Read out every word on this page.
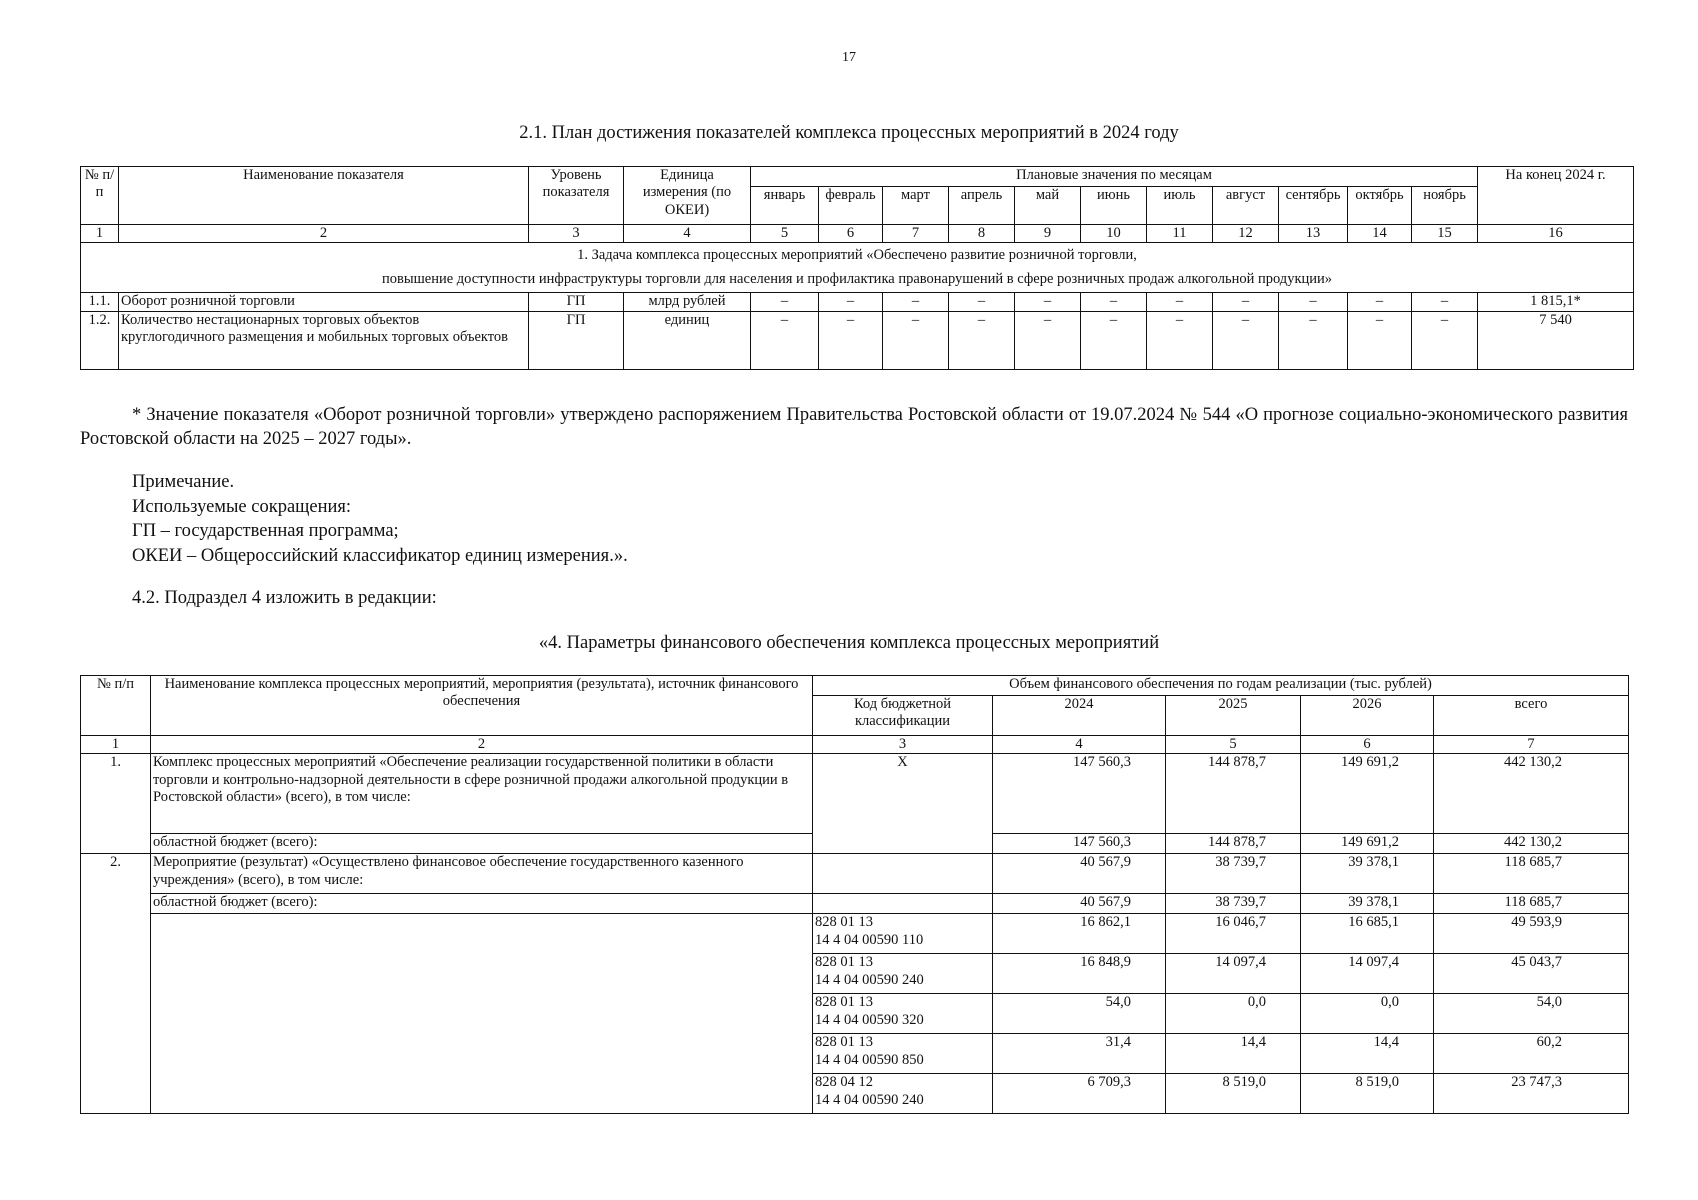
17
2.1. План достижения показателей комплекса процессных мероприятий в 2024 году
№ п/п	Наименование показателя	Уровень показателя	Единица измерения (по ОКЕИ)	Плановые значения по месяцам											На конец 2024 г.
				январь	февраль	март	апрель	май	июнь	июль	август	сентябрь	октябрь	ноябрь	
1	2	3	4	5	6	7	8	9	10	11	12	13	14	15	16

1. Задача комплекса процессных мероприятий «Обеспечено развитие розничной торговли,
повышение доступности инфраструктуры торговли для населения и профилактика правонарушений в сфере розничных продаж алкогольной продукции»															

1.1.	Оборот розничной торговли	ГП	млрд рублей	–	–	–	–	–	–	–	–	–	–	–	1 815,1*
1.2.	Количество нестационарных торговых объектов круглогодичного размещения и мобильных торговых объектов	ГП	единиц	–	–	–	–	–	–	–	–	–	–	–	7 540
* Значение показателя «Оборот розничной торговли» утверждено распоряжением Правительства Ростовской области от 19.07.2024 № 544 «О прогнозе социально-экономического развития Ростовской области на 2025 – 2027 годы».
Примечание.
Используемые сокращения:
ГП – государственная программа;
ОКЕИ – Общероссийский классификатор единиц измерения.».
4.2. Подраздел 4 изложить в редакции:
«4. Параметры финансового обеспечения комплекса процессных мероприятий
№ п/п	Наименование комплекса процессных мероприятий, мероприятия (результата), источник финансового обеспечения	Объем финансового обеспечения по годам реализации (тыс. рублей)				
		Код бюджетной классификации	2024	2025	2026	всего
1	2	3	4	5	6	7
1.	Комплекс процессных мероприятий «Обеспечение реализации государственной политики в области торговли и контрольно-надзорной деятельности в сфере розничной продажи алкогольной продукции в Ростовской области» (всего), в том числе:	Х	147 560,3	144 878,7	149 691,2	442 130,2
	областной бюджет (всего):		147 560,3	144 878,7	149 691,2	442 130,2
2.	Мероприятие (результат) «Осуществлено финансовое обеспечение государственного казенного учреждения» (всего), в том числе:		40 567,9	38 739,7	39 378,1	118 685,7
	областной бюджет (всего):		40 567,9	38 739,7	39 378,1	118 685,7

		828 01 13
14 4 04 00590 110	16 862,1	16 046,7	16 685,1	49 593,9

		828 01 13
14 4 04 00590 240	16 848,9	14 097,4	14 097,4	45 043,7

		828 01 13
14 4 04 00590 320	54,0	0,0	0,0	54,0

		828 01 13
14 4 04 00590 850	31,4	14,4	14,4	60,2

		828 04 12
14 4 04 00590 240	6 709,3	8 519,0	8 519,0	23 747,3
